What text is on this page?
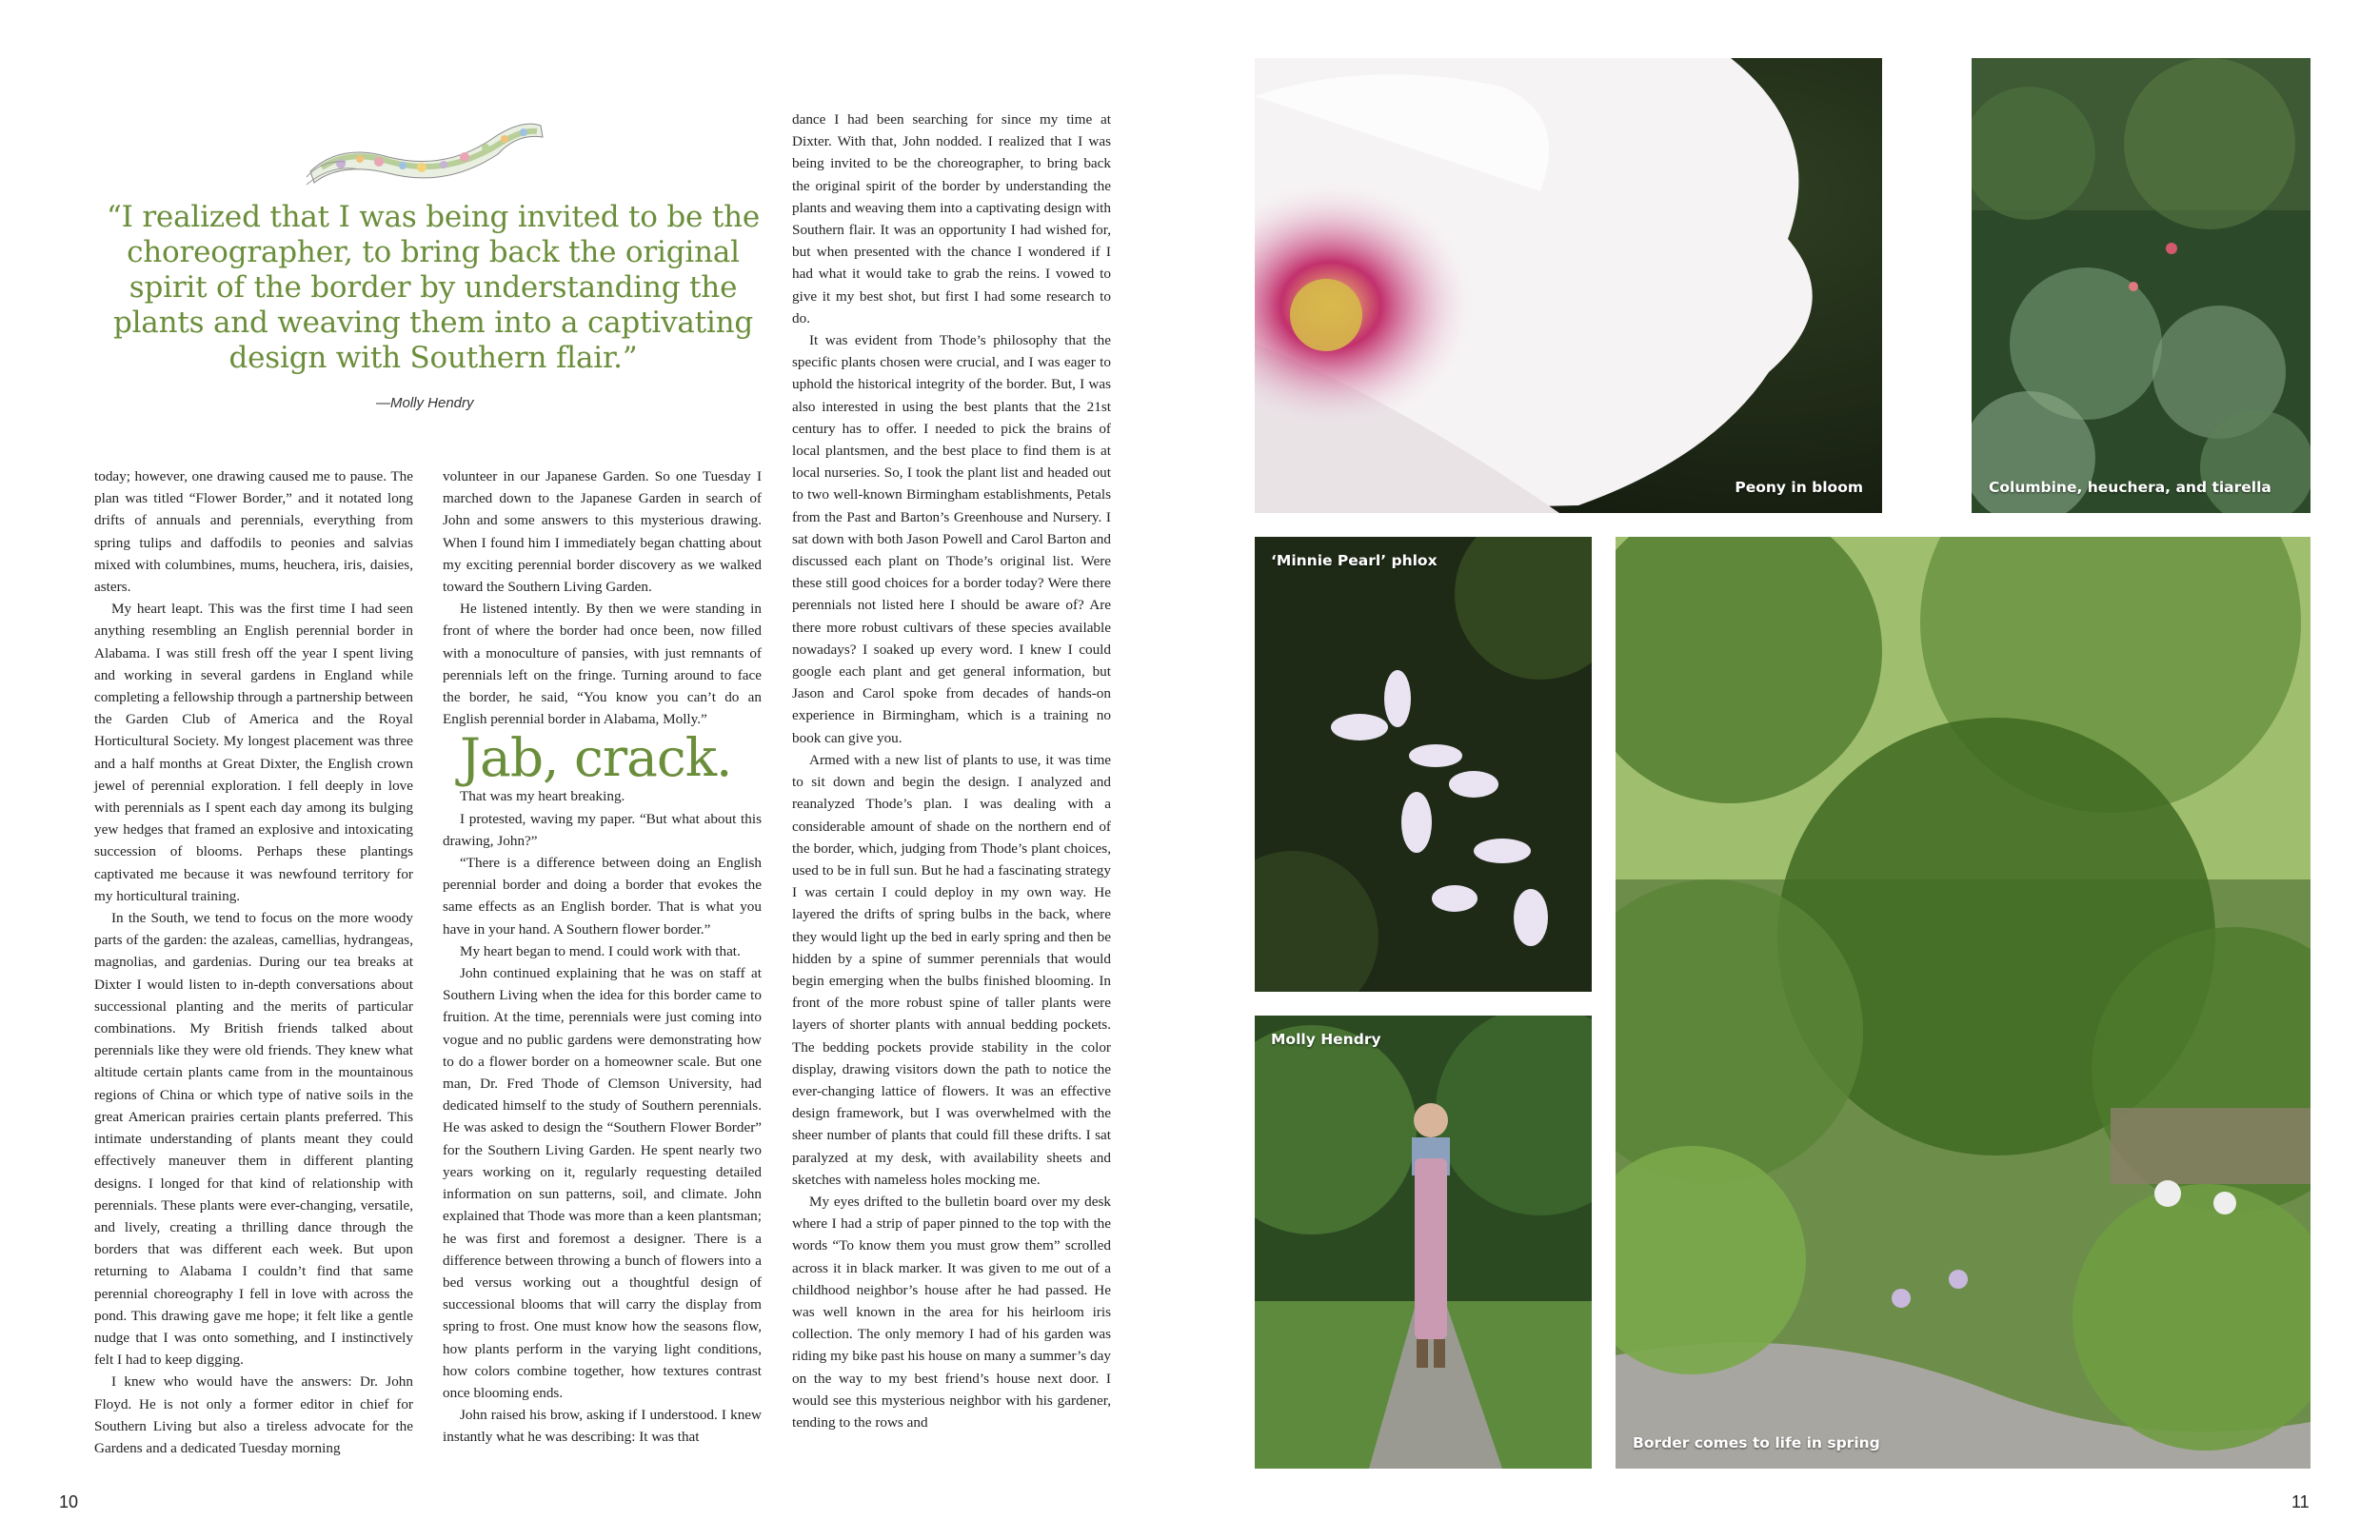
“I realized that I was being invited to be the choreographer, to bring back the original spirit of the border by understanding the plants and weaving them into a captivating design with Southern flair.”
—Molly Hendry

today; however, one drawing caused me to pause. The plan was titled “Flower Border,” and it notated long drifts of annuals and perennials, everything from spring tulips and daffodils to peonies and salvias mixed with columbines, mums, heuchera, iris, daisies, asters.

My heart leapt. This was the first time I had seen anything resembling an English perennial border in Alabama. I was still fresh off the year I spent living and working in several gardens in England while completing a fellowship through a partnership between the Garden Club of America and the Royal Horticultural Society. My longest placement was three and a half months at Great Dixter, the English crown jewel of perennial exploration. I fell deeply in love with perennials as I spent each day among its bulging yew hedges that framed an explosive and intoxicating succession of blooms. Perhaps these plantings captivated me because it was newfound territory for my horticultural training.

In the South, we tend to focus on the more woody parts of the garden: the azaleas, camellias, hydrangeas, magnolias, and gardenias. During our tea breaks at Dixter I would listen to in-depth conversations about successional planting and the merits of particular combinations. My British friends talked about perennials like they were old friends. They knew what altitude certain plants came from in the mountainous regions of China or which type of native soils in the great American prairies certain plants preferred. This intimate understanding of plants meant they could effectively maneuver them in different planting designs. I longed for that kind of relationship with perennials. These plants were ever-changing, versatile, and lively, creating a thrilling dance through the borders that was different each week. But upon returning to Alabama I couldn’t find that same perennial choreography I fell in love with across the pond. This drawing gave me hope; it felt like a gentle nudge that I was onto something, and I instinctively felt I had to keep digging.

I knew who would have the answers: Dr. John Floyd. He is not only a former editor in chief for Southern Living but also a tireless advocate for the Gardens and a dedicated Tuesday morning

volunteer in our Japanese Garden. So one Tuesday I marched down to the Japanese Garden in search of John and some answers to this mysterious drawing. When I found him I immediately began chatting about my exciting perennial border discovery as we walked toward the Southern Living Garden.

He listened intently. By then we were standing in front of where the border had once been, now filled with a monoculture of pansies, with just remnants of perennials left on the fringe. Turning around to face the border, he said, “You know you can’t do an English perennial border in Alabama, Molly.”

Jab, crack.

That was my heart breaking.

I protested, waving my paper. “But what about this drawing, John?”

“There is a difference between doing an English perennial border and doing a border that evokes the same effects as an English border. That is what you have in your hand. A Southern flower border.”

My heart began to mend. I could work with that.

John continued explaining that he was on staff at Southern Living when the idea for this border came to fruition. At the time, perennials were just coming into vogue and no public gardens were demonstrating how to do a flower border on a homeowner scale. But one man, Dr. Fred Thode of Clemson University, had dedicated himself to the study of Southern perennials. He was asked to design the “Southern Flower Border” for the Southern Living Garden. He spent nearly two years working on it, regularly requesting detailed information on sun patterns, soil, and climate. John explained that Thode was more than a keen plantsman; he was first and foremost a designer. There is a difference between throwing a bunch of flowers into a bed versus working out a thoughtful design of successional blooms that will carry the display from spring to frost. One must know how the seasons flow, how plants perform in the varying light conditions, how colors combine together, how textures contrast once blooming ends.

John raised his brow, asking if I understood. I knew instantly what he was describing: It was that

dance I had been searching for since my time at Dixter. With that, John nodded. I realized that I was being invited to be the choreographer, to bring back the original spirit of the border by understanding the plants and weaving them into a captivating design with Southern flair. It was an opportunity I had wished for, but when presented with the chance I wondered if I had what it would take to grab the reins. I vowed to give it my best shot, but first I had some research to do.

It was evident from Thode’s philosophy that the specific plants chosen were crucial, and I was eager to uphold the historical integrity of the border. But, I was also interested in using the best plants that the 21st century has to offer. I needed to pick the brains of local plantsmen, and the best place to find them is at local nurseries. So, I took the plant list and headed out to two well-known Birmingham establishments, Petals from the Past and Barton’s Greenhouse and Nursery. I sat down with both Jason Powell and Carol Barton and discussed each plant on Thode’s original list. Were these still good choices for a border today? Were there perennials not listed here I should be aware of? Are there more robust cultivars of these species available nowadays? I soaked up every word. I knew I could google each plant and get general information, but Jason and Carol spoke from decades of hands-on experience in Birmingham, which is a training no book can give you.

Armed with a new list of plants to use, it was time to sit down and begin the design. I analyzed and reanalyzed Thode’s plan. I was dealing with a considerable amount of shade on the northern end of the border, which, judging from Thode’s plant choices, used to be in full sun. But he had a fascinating strategy I was certain I could deploy in my own way. He layered the drifts of spring bulbs in the back, where they would light up the bed in early spring and then be hidden by a spine of summer perennials that would begin emerging when the bulbs finished blooming. In front of the more robust spine of taller plants were layers of shorter plants with annual bedding pockets. The bedding pockets provide stability in the color display, drawing visitors down the path to notice the ever-changing lattice of flowers. It was an effective design framework, but I was overwhelmed with the sheer number of plants that could fill these drifts. I sat paralyzed at my desk, with availability sheets and sketches with nameless holes mocking me.

My eyes drifted to the bulletin board over my desk where I had a strip of paper pinned to the top with the words “To know them you must grow them” scrolled across it in black marker. It was given to me out of a childhood neighbor’s house after he had passed. He was well known in the area for his heirloom iris collection. The only memory I had of his garden was riding my bike past his house on many a summer’s day on the way to my best friend’s house next door. I would see this mysterious neighbor with his gardener, tending to the rows and

10
Peony in bloom	Columbine, heuchera, and tiarella
‘Minnie Pearl’ phlox
Molly Hendry
Border comes to life in spring
11
